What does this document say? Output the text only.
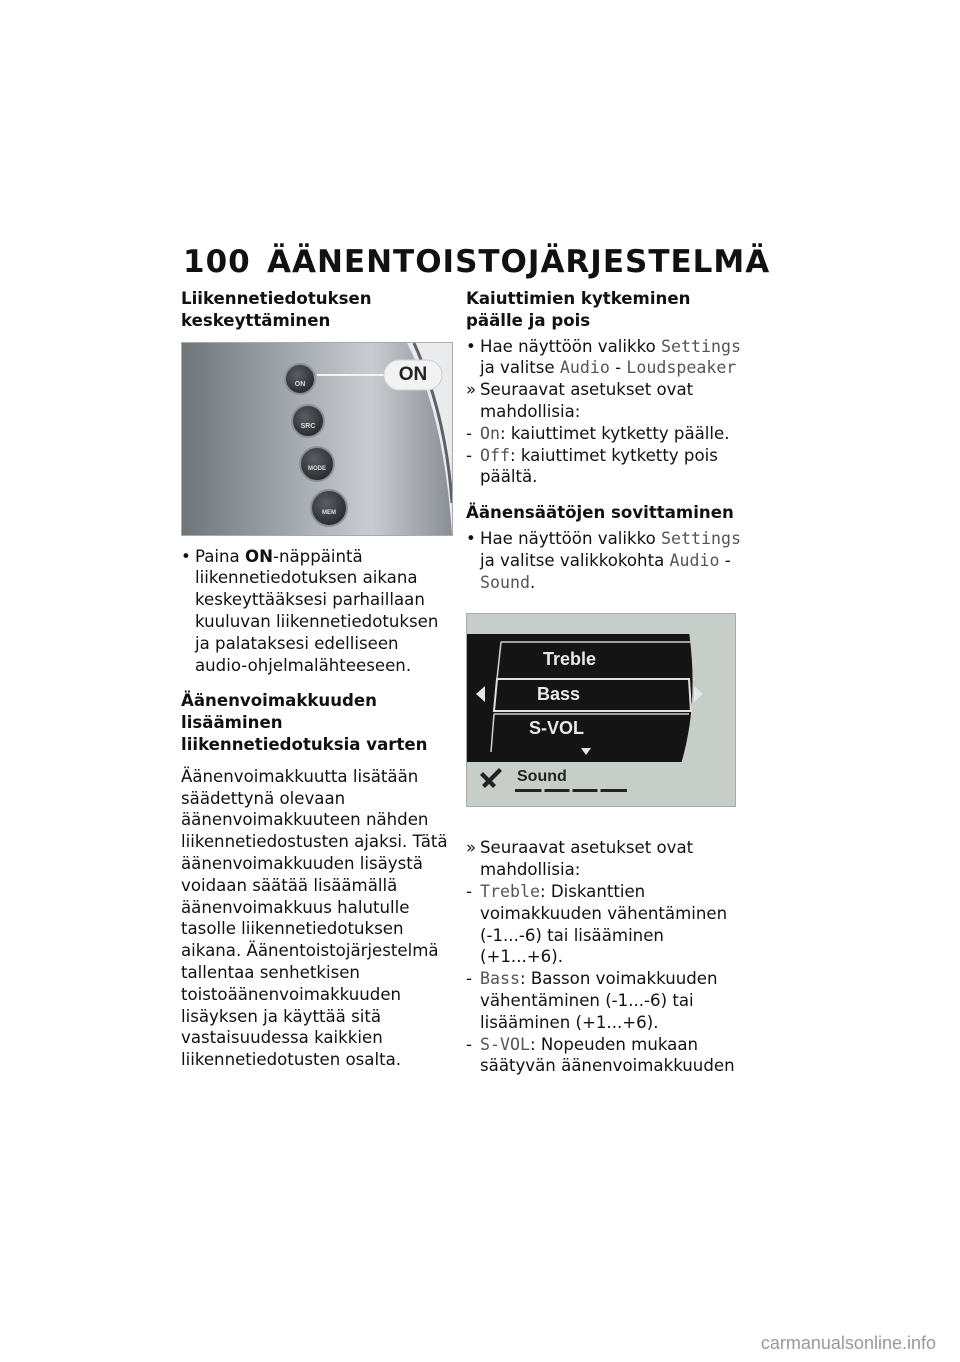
100 ÄÄNENTOISTOJÄRJESTELMÄ
Liikennetiedotuksen keskeyttäminen
ON
ON
SRC
MODE
MEM
• Paina ON-näppäintä liikennetiedotuksen aikana keskeyttääksesi parhaillaan kuuluvan liikennetiedotuksen ja palataksesi edelliseen audio-ohjelmalähteeseen.
Äänenvoimakkuuden lisääminen liikennetiedotuksia varten

Äänenvoimakkuutta lisätään säädettynä olevaan äänenvoimakkuuteen nähden liikennetiedostusten ajaksi. Tätä äänenvoimakkuuden lisäystä voidaan säätää lisäämällä äänenvoimakkuus halutulle tasolle liikennetiedotuksen aikana. Äänentoistojärjestelmä tallentaa senhetkisen toistoäänenvoimakkuuden lisäyksen ja käyttää sitä vastaisuudessa kaikkien liikennetiedotusten osalta.

Kaiuttimien kytkeminen päälle ja pois
• Hae näyttöön valikko Settings ja valitse Audio - Loudspeaker
» Seuraavat asetukset ovat mahdollisia:
- On: kaiuttimet kytketty päälle.
- Off: kaiuttimet kytketty pois päältä.
Äänensäätöjen sovittaminen
• Hae näyttöön valikko Settings ja valitse valikkokohta Audio - Sound.
Treble
Bass
S-VOL
Sound
» Seuraavat asetukset ovat mahdollisia:
- Treble: Diskanttien voimakkuuden vähentäminen (-1...-6) tai lisääminen (+1...+6).
- Bass: Basson voimakkuuden vähentäminen (-1...-6) tai lisääminen (+1...+6).
- S-VOL: Nopeuden mukaan säätyvän äänenvoimakkuuden
carmanualsonline.info
